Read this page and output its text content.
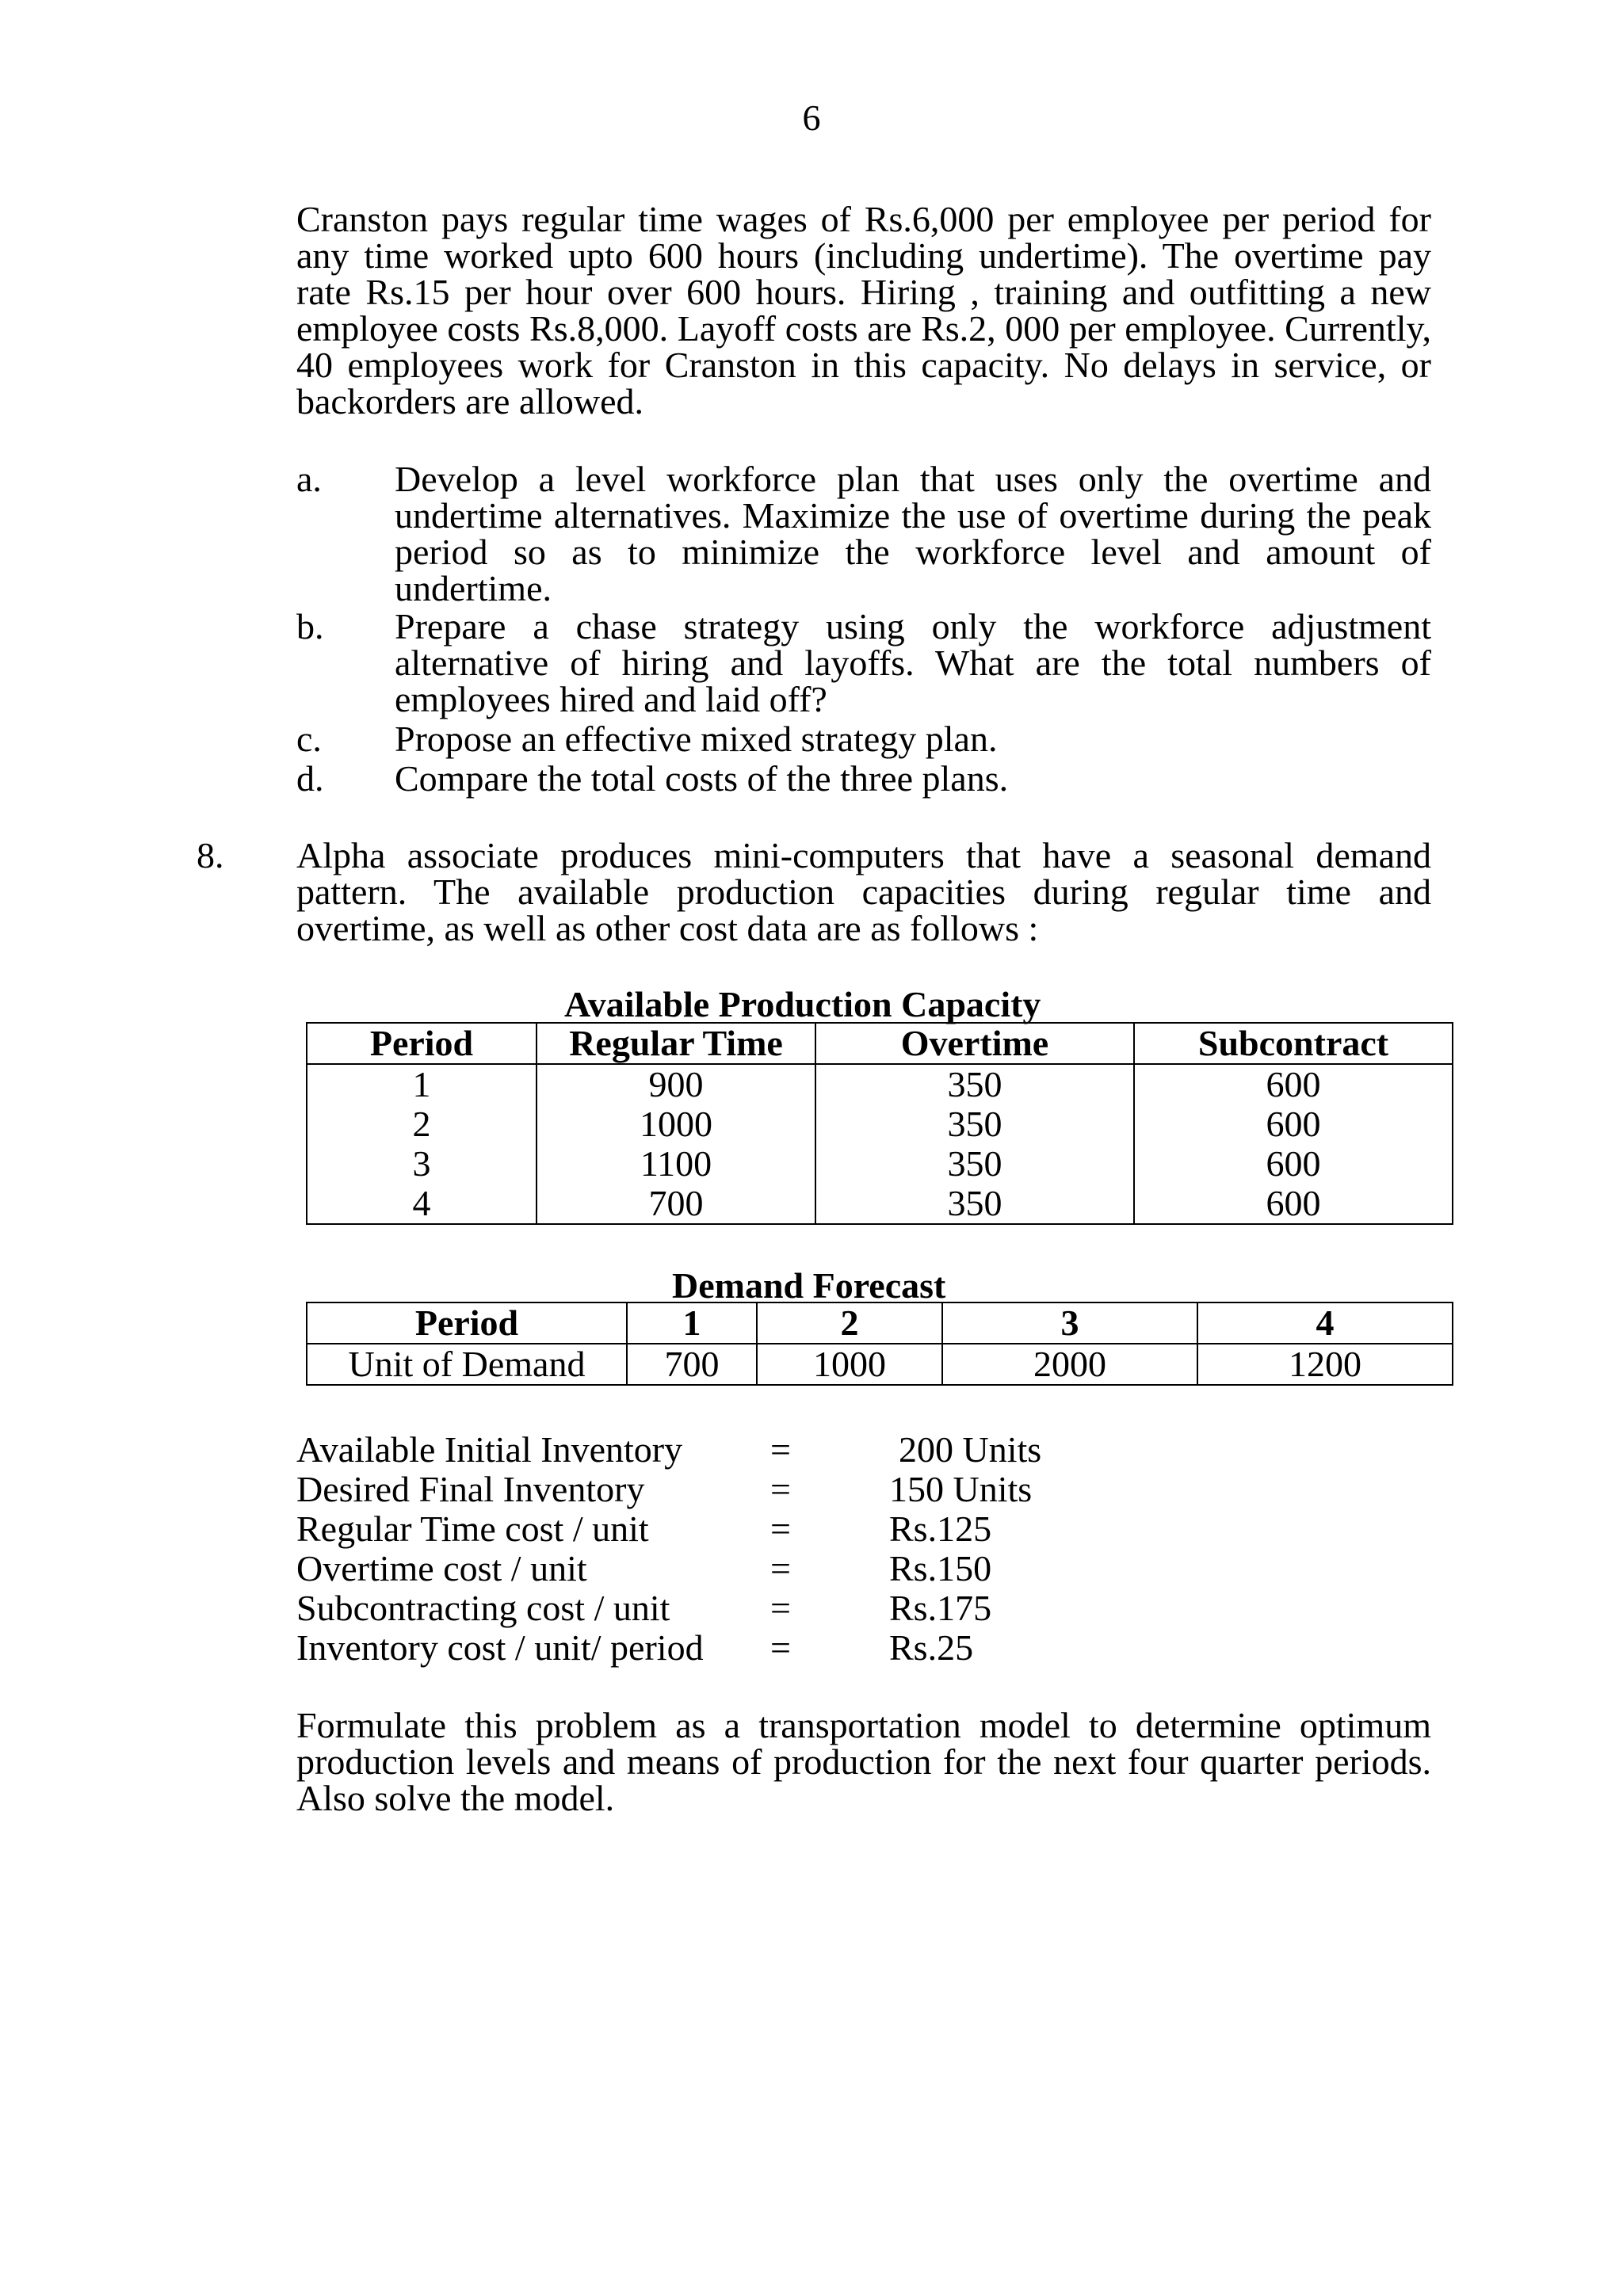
6
Cranston pays regular time wages of Rs.6,000 per employee per period for any time worked upto 600 hours (including undertime). The overtime pay rate Rs.15 per hour over 600 hours. Hiring , training and outfitting a new employee costs Rs.8,000. Layoff costs are Rs.2, 000 per employee. Currently, 40 employees work for Cranston in this capacity. No delays in service, or backorders are allowed.
a.	Develop a level workforce plan that uses only the overtime and undertime alternatives. Maximize the use of overtime during the peak period so as to minimize the workforce level and amount of undertime.
b.	Prepare a chase strategy using only the workforce adjustment alternative of hiring and layoffs. What are the total numbers of employees hired and laid off?
c.	Propose an effective mixed strategy plan.
d.	Compare the total costs of the three plans.
8.	Alpha associate produces mini-computers that have a seasonal demand pattern. The available production capacities during regular time and overtime, as well as other cost data are as follows :
Available Production Capacity
Period	Regular Time	Overtime	Subcontract
1	900	350	600
2	1000	350	600
3	1100	350	600
4	700	350	600
Demand Forecast
Period	1	2	3	4
Unit of Demand	700	1000	2000	1200
Available Initial Inventory	=	200 Units
Desired Final Inventory	=	150 Units
Regular Time cost / unit	=	Rs.125
Overtime cost / unit	=	Rs.150
Subcontracting cost / unit	=	Rs.175
Inventory cost / unit/ period	=	Rs.25
Formulate this problem as a transportation model to determine optimum production levels and means of production for the next four quarter periods. Also solve the model.
